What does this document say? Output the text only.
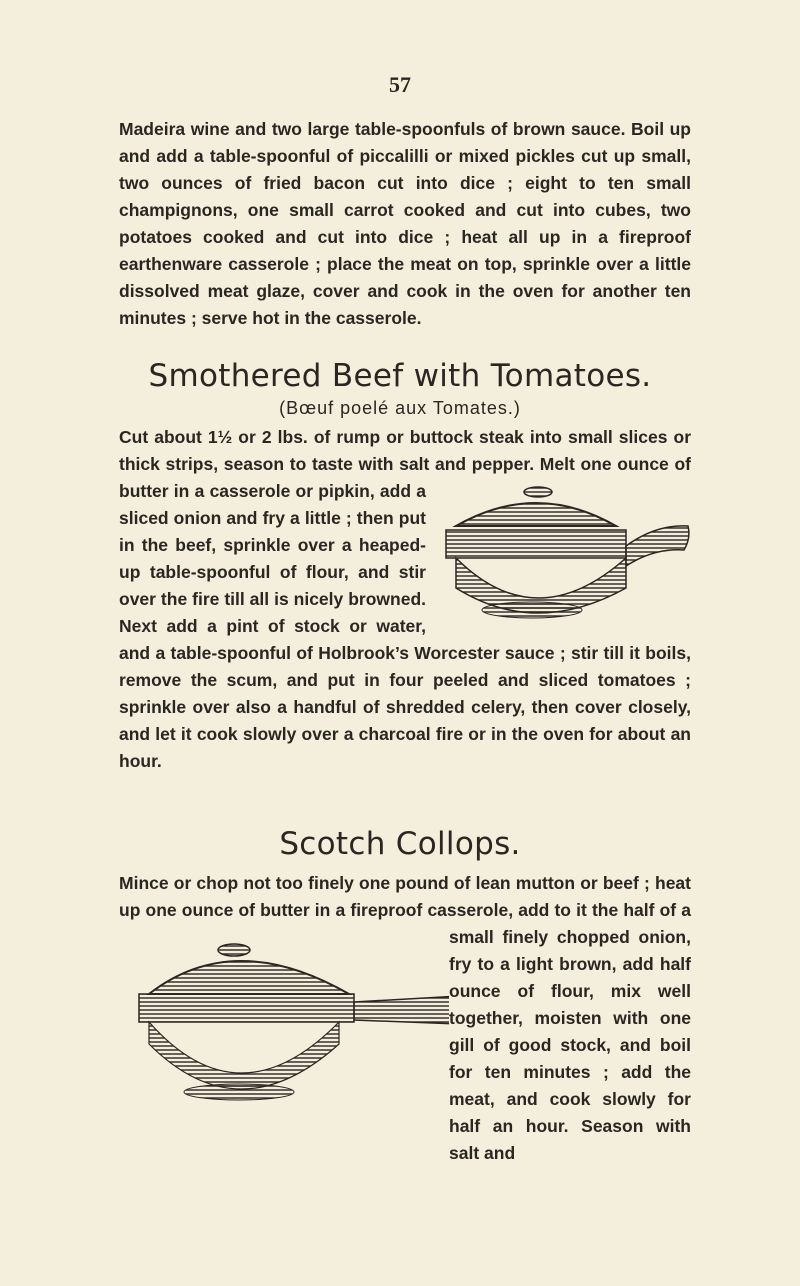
57
Madeira wine and two large table-spoonfuls of brown sauce. Boil up and add a table-spoonful of piccalilli or mixed pickles cut up small, two ounces of fried bacon cut into dice ; eight to ten small champignons, one small carrot cooked and cut into cubes, two potatoes cooked and cut into dice ; heat all up in a fireproof earthenware casserole ; place the meat on top, sprinkle over a little dissolved meat glaze, cover and cook in the oven for another ten minutes ; serve hot in the casserole.
Smothered Beef with Tomatoes.
(Bœuf poelé aux Tomates.)
Cut about 1½ or 2 lbs. of rump or buttock steak into small slices or thick strips, season to taste with salt and pepper. Melt one ounce of butter in a casserole or pipkin, add a sliced onion and fry a little ; then put in the beef, sprinkle over a heaped-up table-spoonful of flour, and stir over the fire till all is nicely browned. Next add a pint of stock or water, and a table-spoonful of Holbrook’s Worcester sauce ; stir till it boils, remove the scum, and put in four peeled and sliced tomatoes ; sprinkle over also a handful of shredded celery, then cover closely, and let it cook slowly over a charcoal fire or in the oven for about an hour.
Scotch Collops.
Mince or chop not too finely one pound of lean mutton or beef ; heat up one ounce of butter in a fireproof casserole, add to it the half of a small finely chopped onion, fry to a light brown, add half ounce of flour, mix well together, moisten with one gill of good stock, and boil for ten minutes ; add the meat, and cook slowly for half an hour. Season with salt and
